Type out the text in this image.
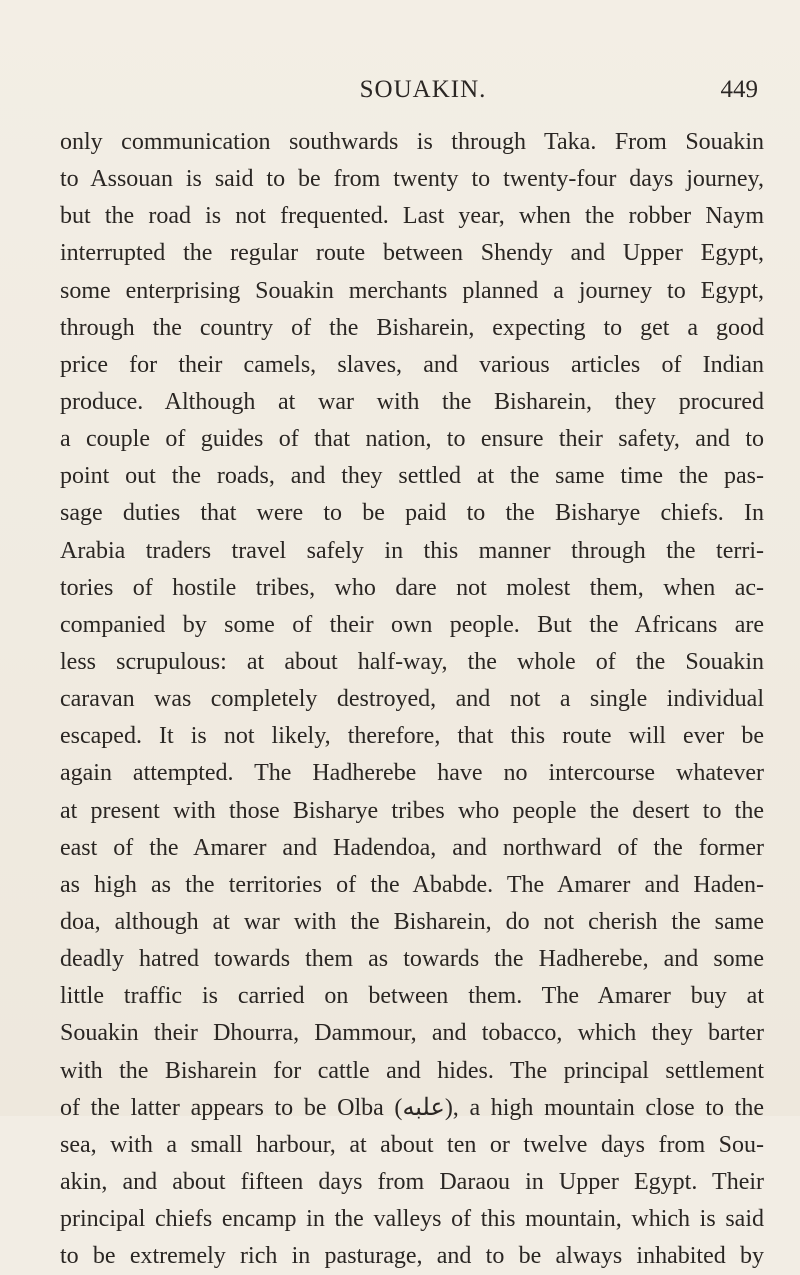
SOUAKIN.	449
only communication southwards is through Taka. From Souakin
to Assouan is said to be from twenty to twenty-four days journey,
but the road is not frequented. Last year, when the robber Naym
interrupted the regular route between Shendy and Upper Egypt,
some enterprising Souakin merchants planned a journey to Egypt,
through the country of the Bisharein, expecting to get a good
price for their camels, slaves, and various articles of Indian
produce. Although at war with the Bisharein, they procured
a couple of guides of that nation, to ensure their safety, and to
point out the roads, and they settled at the same time the pas-
sage duties that were to be paid to the Bisharye chiefs. In
Arabia traders travel safely in this manner through the terri-
tories of hostile tribes, who dare not molest them, when ac-
companied by some of their own people. But the Africans are
less scrupulous: at about half-way, the whole of the Souakin
caravan was completely destroyed, and not a single individual
escaped. It is not likely, therefore, that this route will ever be
again attempted. The Hadherebe have no intercourse whatever
at present with those Bisharye tribes who people the desert to the
east of the Amarer and Hadendoa, and northward of the former
as high as the territories of the Ababde. The Amarer and Haden-
doa, although at war with the Bisharein, do not cherish the same
deadly hatred towards them as towards the Hadherebe, and some
little traffic is carried on between them. The Amarer buy at
Souakin their Dhourra, Dammour, and tobacco, which they barter
with the Bisharein for cattle and hides. The principal settlement
of the latter appears to be Olba (علبه), a high mountain close to the
sea, with a small harbour, at about ten or twelve days from Sou-
akin, and about fifteen days from Daraou in Upper Egypt. Their
principal chiefs encamp in the valleys of this mountain, which is said
to be extremely rich in pasturage, and to be always inhabited by
